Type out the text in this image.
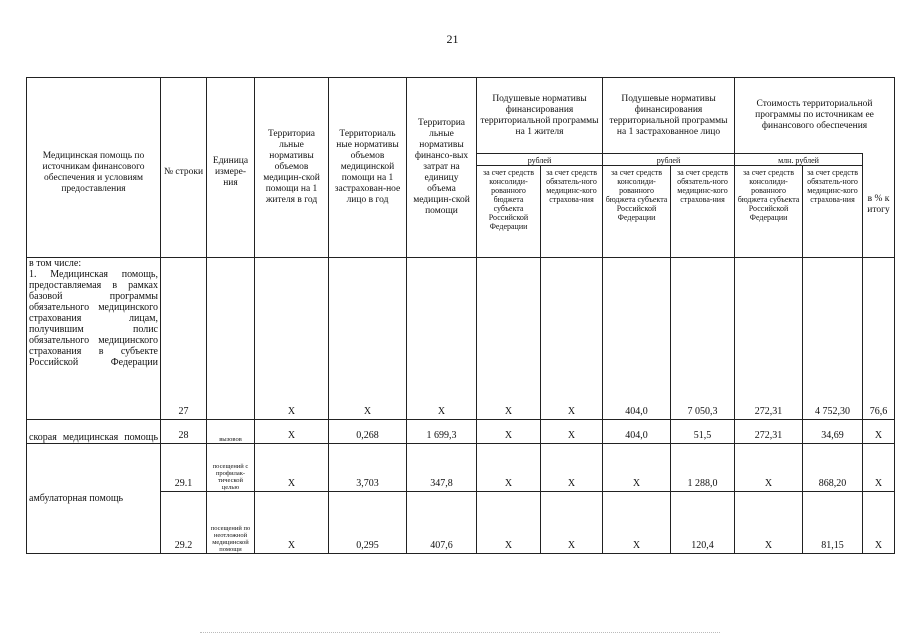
21
Медицинская помощь по источникам финансового обеспечения и условиям предоставления	№ строки	Единица измере-ния	Территориа льные нормативы объемов медицин-ской помощи на 1 жителя в год	Территориаль ные нормативы объемов медицинской помощи на 1 застрахован-ное лицо в год	Территориа льные нормативы финансо-вых затрат на единицу объема медицин-ской помощи	Подушевые нормативы финансирования территориальной программы на 1 жителя		Подушевые нормативы финансирования территориальной программы на 1 застрахованное лицо		Стоимость территориальной программы по источникам ее финансового обеспечения		
						рублей		рублей		млн. рублей		в % к итогу
						за счет средств консолиди-рованного бюджета субъекта Российской Федерации	за счет средств обязатель-ного медицинс-кого страхова-ния	за счет средств консолиди-рованного бюджета субъекта Российской Федерации	за счет средств обязатель-ного медицинс-кого страхова-ния	за счет средств консолиди-рованного бюджета субъекта Российской Федерации	за счет средств обязатель-ного медицинс-кого страхова-ния	

в том числе:
1. Медицинская помощь, предоставляемая в рамках базовой программы обязательного медицинского страхования лицам, получившим полис обязательного медицинского страхования в субъекте Российской Федерации	27		X	X	X	X	X	404,0	7 050,3	272,31	4 752,30	76,6
скорая медицинская помощь	28	вызовов	X	0,268	1 699,3	X	X	404,0	51,5	272,31	34,69	X
амбулаторная помощь	29.1	посещений с профилак-тической целью	X	3,703	347,8	X	X	X	1 288,0	X	868,20	X
	29.2	посещений по неотложной медицинской помощи	X	0,295	407,6	X	X	X	120,4	X	81,15	X
